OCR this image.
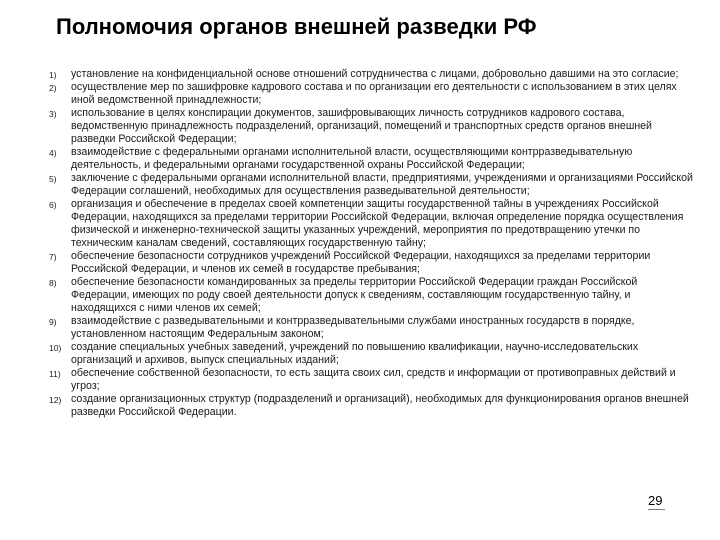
Полномочия органов внешней разведки РФ
1) установление на конфиденциальной основе отношений сотрудничества с лицами, добровольно давшими на это согласие;
2) осуществление мер по зашифровке кадрового состава и по организации его деятельности с использованием в этих целях иной ведомственной принадлежности;
3) использование в целях конспирации документов, зашифровывающих личность сотрудников кадрового состава, ведомственную принадлежность подразделений, организаций, помещений и транспортных средств органов внешней разведки Российской Федерации;
4) взаимодействие с федеральными органами исполнительной власти, осуществляющими контрразведывательную деятельность, и федеральными органами государственной охраны Российской Федерации;
5) заключение с федеральными органами исполнительной власти, предприятиями, учреждениями и организациями Российской Федерации соглашений, необходимых для осуществления разведывательной деятельности;
6) организация и обеспечение в пределах своей компетенции защиты государственной тайны в учреждениях Российской Федерации, находящихся за пределами территории Российской Федерации, включая определение порядка осуществления физической и инженерно-технической защиты указанных учреждений, мероприятия по предотвращению утечки по техническим каналам сведений, составляющих государственную тайну;
7) обеспечение безопасности сотрудников учреждений Российской Федерации, находящихся за пределами территории Российской Федерации, и членов их семей в государстве пребывания;
8) обеспечение безопасности командированных за пределы территории Российской Федерации граждан Российской Федерации, имеющих по роду своей деятельности допуск к сведениям, составляющим государственную тайну, и находящихся с ними членов их семей;
9) взаимодействие с разведывательными и контрразведывательными службами иностранных государств в порядке, установленном настоящим Федеральным законом;
10) создание специальных учебных заведений, учреждений по повышению квалификации, научно-исследовательских организаций и архивов, выпуск специальных изданий;
11) обеспечение собственной безопасности, то есть защита своих сил, средств и информации от противоправных действий и угроз;
12) создание организационных структур (подразделений и организаций), необходимых для функционирования органов внешней разведки Российской Федерации.
29
